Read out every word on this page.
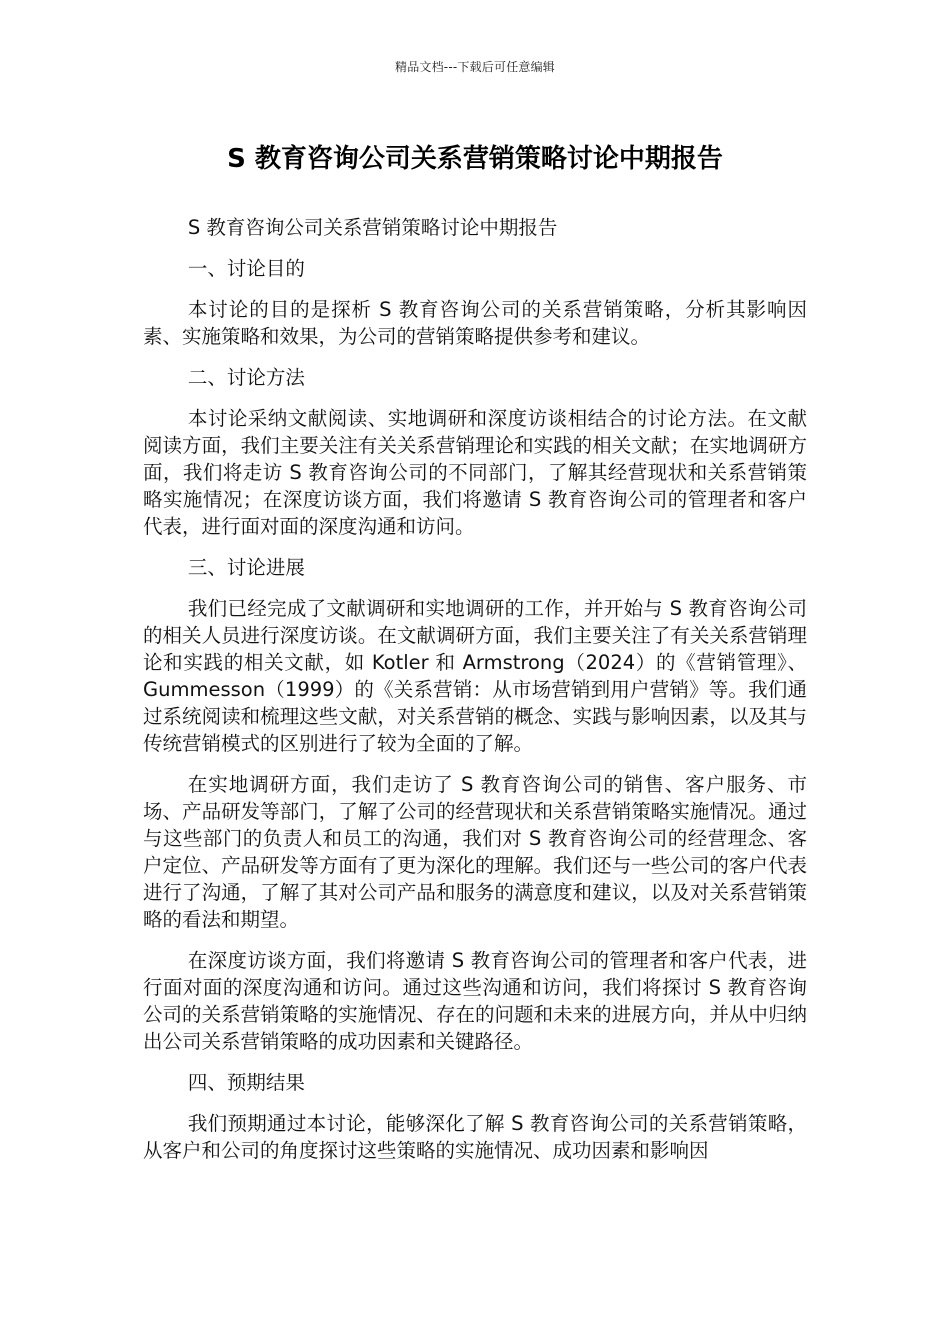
精品文档---下载后可任意编辑
S 教育咨询公司关系营销策略讨论中期报告

S 教育咨询公司关系营销策略讨论中期报告

一、讨论目的

本讨论的目的是探析 S 教育咨询公司的关系营销策略，分析其影响因素、实施策略和效果，为公司的营销策略提供参考和建议。

二、讨论方法

本讨论采纳文献阅读、实地调研和深度访谈相结合的讨论方法。在文献阅读方面，我们主要关注有关关系营销理论和实践的相关文献；在实地调研方面，我们将走访 S 教育咨询公司的不同部门，了解其经营现状和关系营销策略实施情况；在深度访谈方面，我们将邀请 S 教育咨询公司的管理者和客户代表，进行面对面的深度沟通和访问。

三、讨论进展

我们已经完成了文献调研和实地调研的工作，并开始与 S 教育咨询公司的相关人员进行深度访谈。在文献调研方面，我们主要关注了有关关系营销理论和实践的相关文献，如 Kotler 和 Armstrong（2024）的《营销管理》、Gummesson（1999）的《关系营销：从市场营销到用户营销》等。我们通过系统阅读和梳理这些文献，对关系营销的概念、实践与影响因素，以及其与传统营销模式的区别进行了较为全面的了解。

在实地调研方面，我们走访了 S 教育咨询公司的销售、客户服务、市场、产品研发等部门，了解了公司的经营现状和关系营销策略实施情况。通过与这些部门的负责人和员工的沟通，我们对 S 教育咨询公司的经营理念、客户定位、产品研发等方面有了更为深化的理解。我们还与一些公司的客户代表进行了沟通，了解了其对公司产品和服务的满意度和建议，以及对关系营销策略的看法和期望。

在深度访谈方面，我们将邀请 S 教育咨询公司的管理者和客户代表，进行面对面的深度沟通和访问。通过这些沟通和访问，我们将探讨 S 教育咨询公司的关系营销策略的实施情况、存在的问题和未来的进展方向，并从中归纳出公司关系营销策略的成功因素和关键路径。

四、预期结果

我们预期通过本讨论，能够深化了解 S 教育咨询公司的关系营销策略，从客户和公司的角度探讨这些策略的实施情况、成功因素和影响因
